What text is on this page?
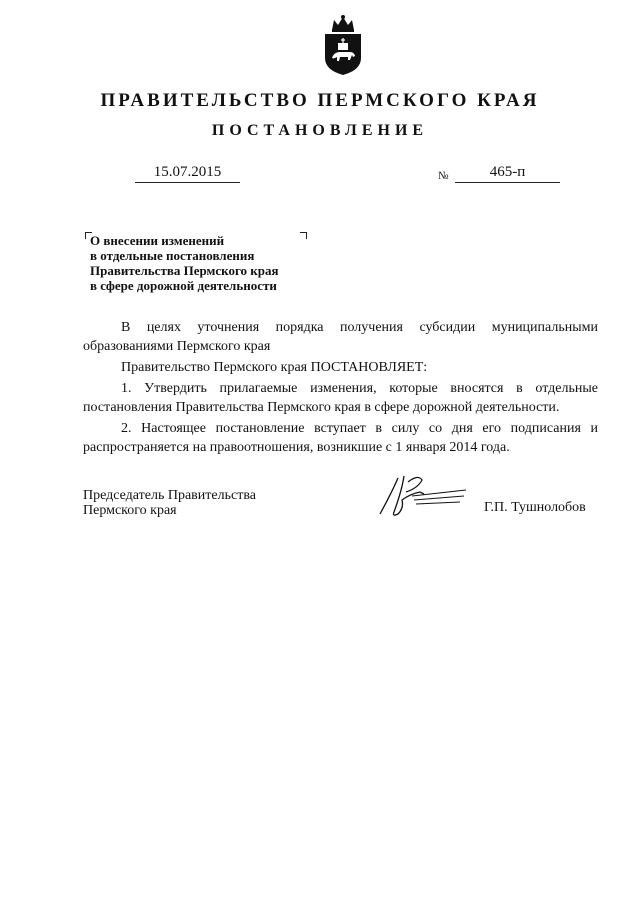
ПРАВИТЕЛЬСТВО ПЕРМСКОГО КРАЯ
ПОСТАНОВЛЕНИЕ
15.07.2015	№	465-п
О внесении изменений
в отдельные постановления
Правительства Пермского края
в сфере дорожной деятельности

В целях уточнения порядка получения субсидии муниципальными образованиями Пермского края

Правительство Пермского края ПОСТАНОВЛЯЕТ:

1. Утвердить прилагаемые изменения, которые вносятся в отдельные постановления Правительства Пермского края в сфере дорожной деятельности.

2. Настоящее постановление вступает в силу со дня его подписания и распространяется на правоотношения, возникшие с 1 января 2014 года.

Председатель Правительства
Пермского края	Г.П. Тушнолобов
